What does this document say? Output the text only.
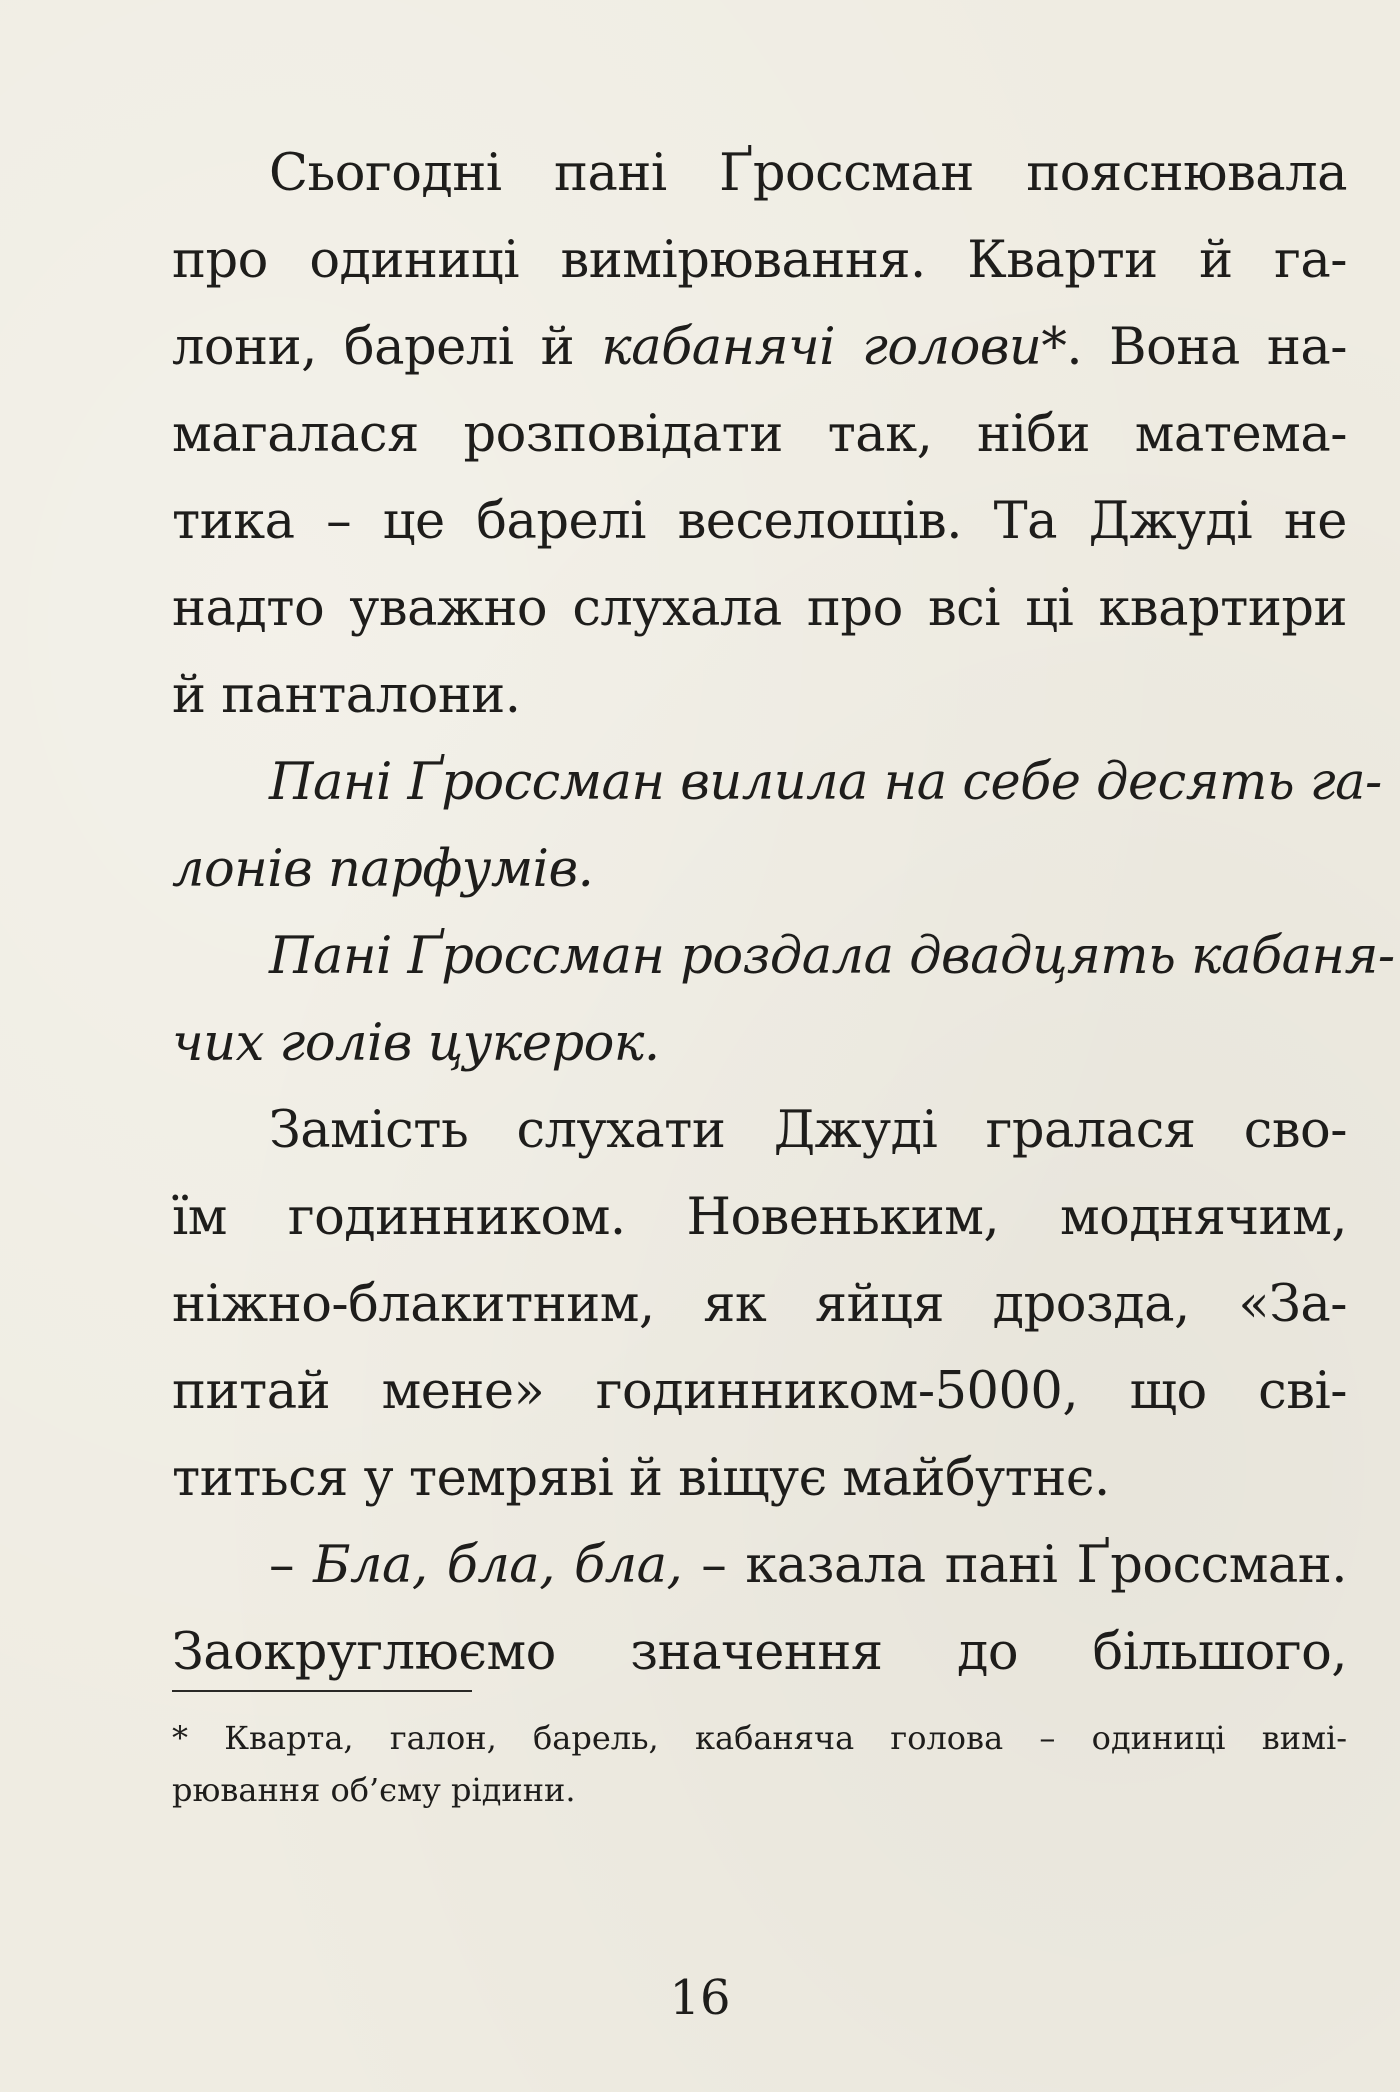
Сьогодні пані Ґроссман пояснювала
про одиниці вимірювання. Кварти й га-
лони, барелі й кабанячі голови*. Вона на-
магалася розповідати так, ніби матема-
тика – це барелі веселощів. Та Джуді не
надто уважно слухала про всі ці квартири
й панталони.
Пані Ґроссман вилила на себе десять га-
лонів парфумів.
Пані Ґроссман роздала двадцять кабаня-
чих голів цукерок.
Замість слухати Джуді гралася сво-
їм годинником. Новеньким, моднячим,
ніжно-блакитним, як яйця дрозда, «За-
питай мене» годинником-5000, що сві-
титься у темряві й віщує майбутнє.
– Бла, бла, бла, – казала пані Ґроссман.
Заокруглюємо значення до більшого,
* Кварта, галон, барель, кабаняча голова – одиниці вимі-
рювання об’єму рідини.
16
